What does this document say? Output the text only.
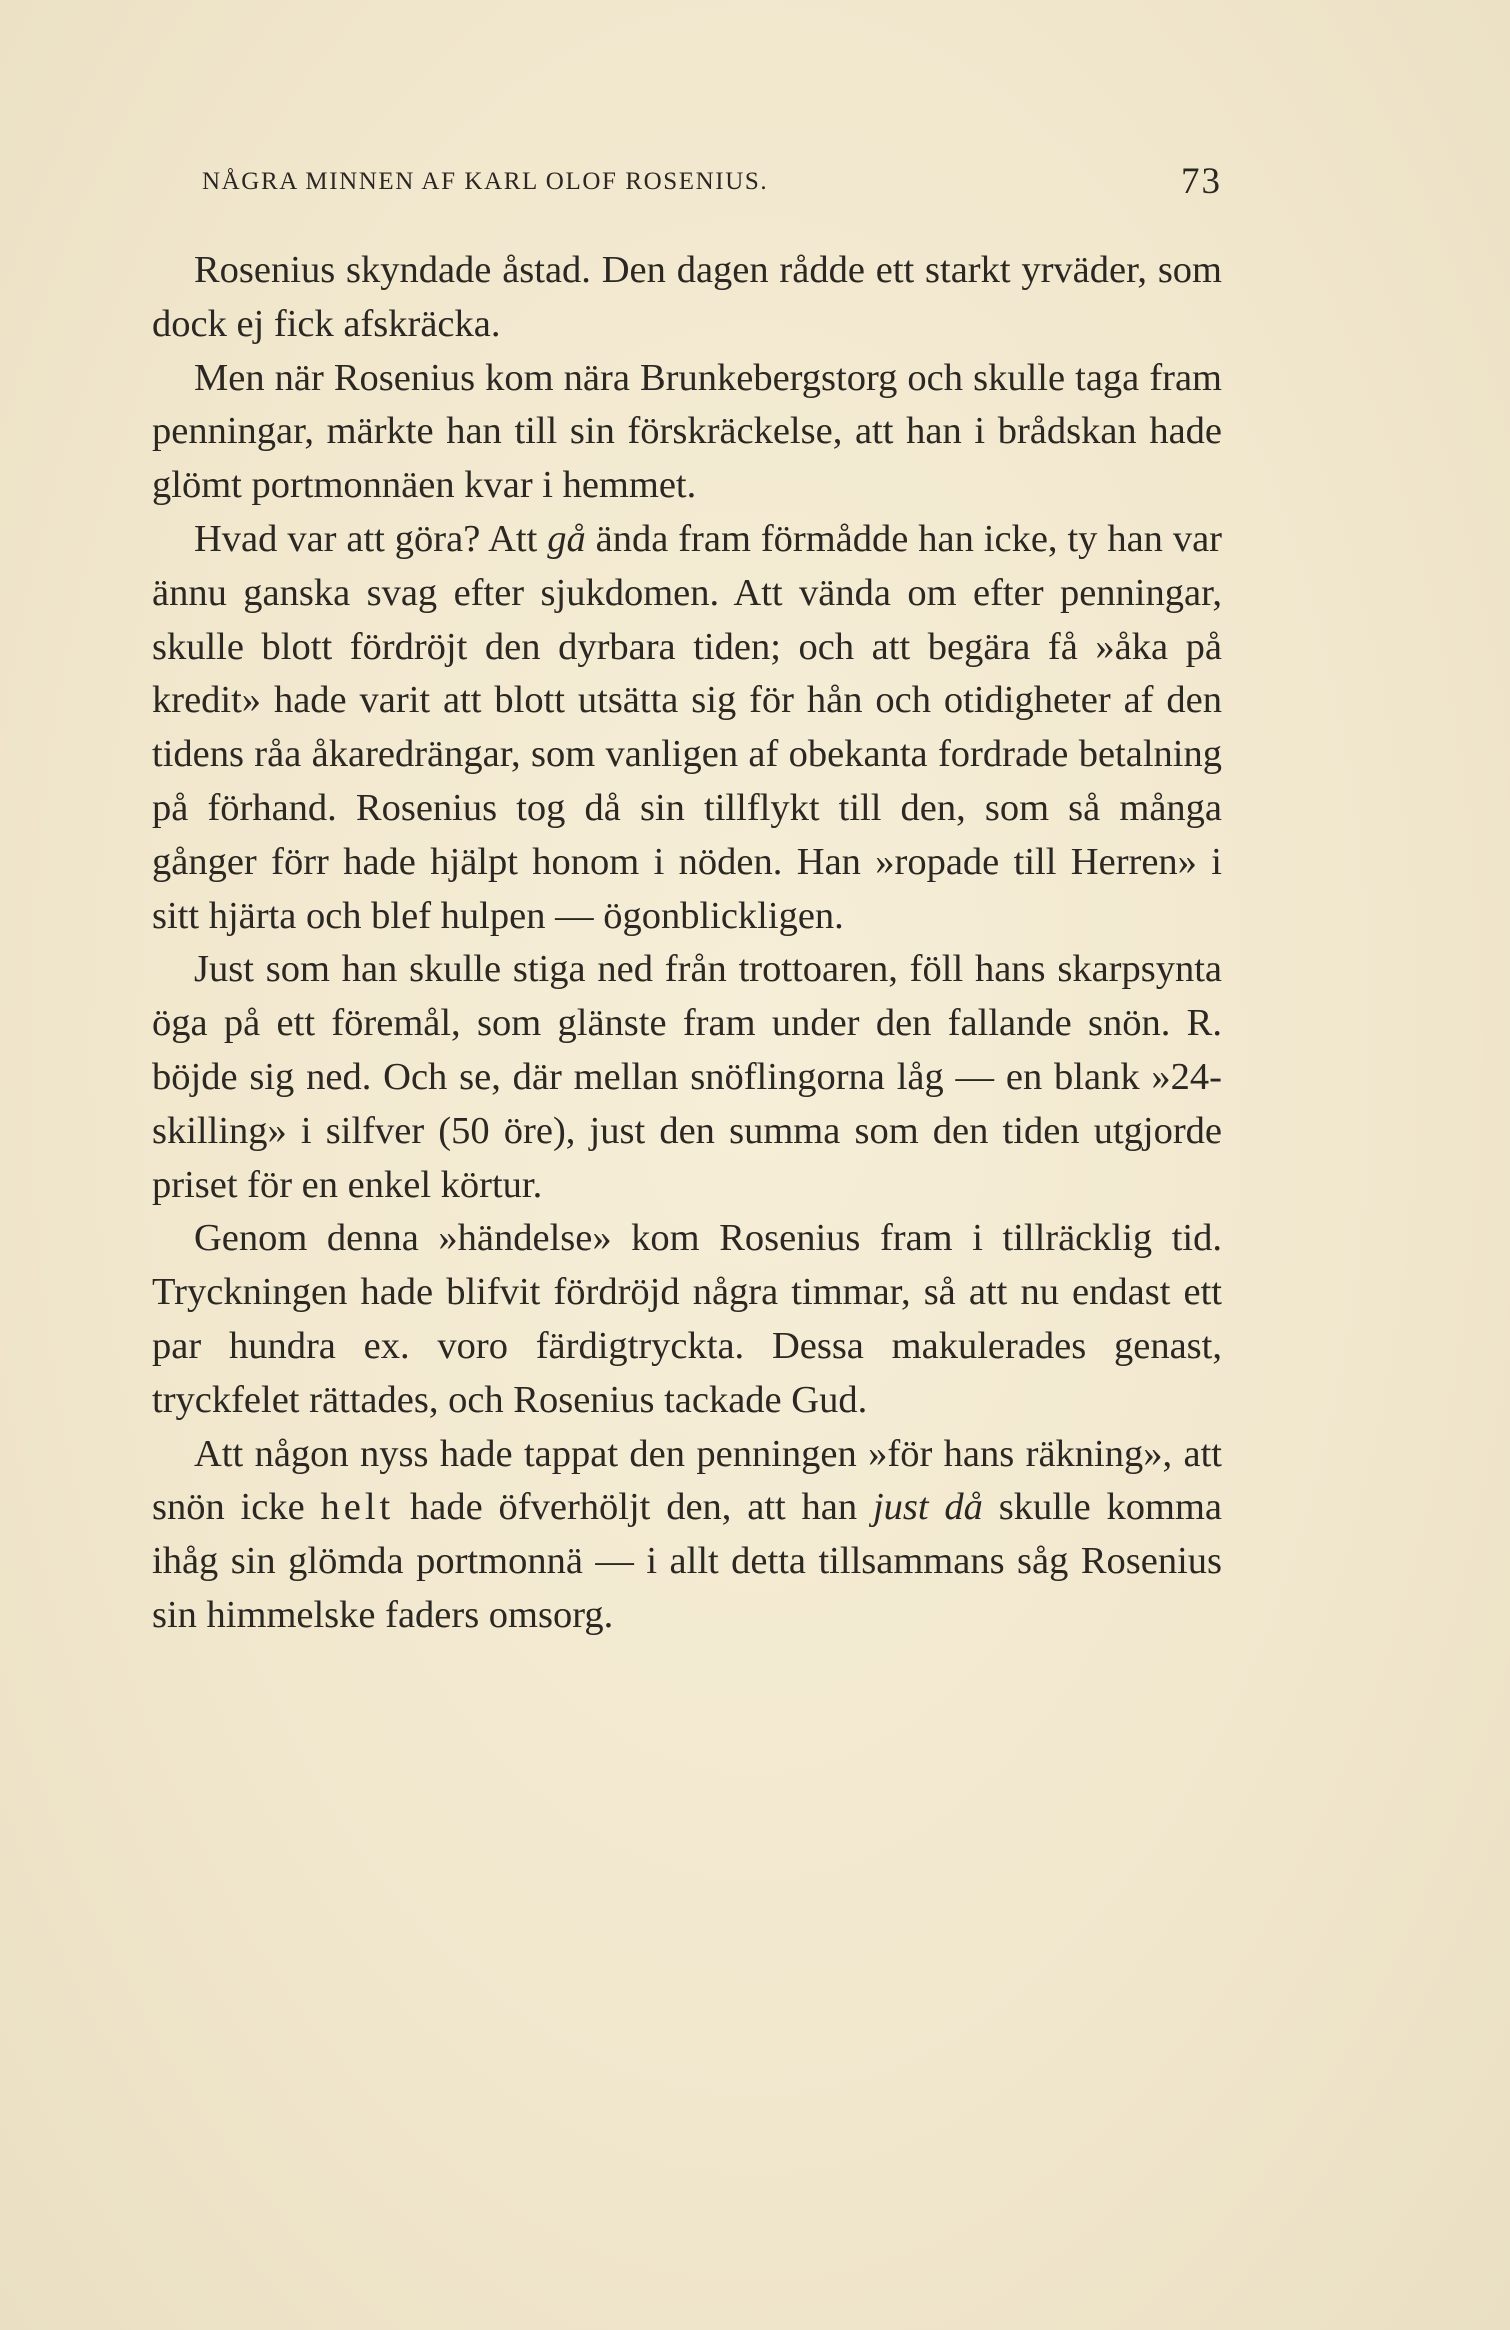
NÅGRA MINNEN AF KARL OLOF ROSENIUS.	73

Rosenius skyndade åstad. Den dagen rådde ett starkt yrväder, som dock ej fick afskräcka.

Men när Rosenius kom nära Brunkebergstorg och skulle taga fram penningar, märkte han till sin förskräckelse, att han i brådskan hade glömt portmonnäen kvar i hemmet.

Hvad var att göra? Att gå ända fram förmådde han icke, ty han var ännu ganska svag efter sjukdomen. Att vända om efter penningar, skulle blott fördröjt den dyrbara tiden; och att begära få »åka på kredit» hade varit att blott utsätta sig för hån och otidigheter af den tidens råa åkaredrängar, som vanligen af obekanta fordrade betalning på förhand. Rosenius tog då sin tillflykt till den, som så många gånger förr hade hjälpt honom i nöden. Han »ropade till Herren» i sitt hjärta och blef hulpen — ögonblickligen.

Just som han skulle stiga ned från trottoaren, föll hans skarpsynta öga på ett föremål, som glänste fram under den fallande snön. R. böjde sig ned. Och se, där mellan snöflingorna låg — en blank »24-skilling» i silfver (50 öre), just den summa som den tiden utgjorde priset för en enkel körtur.

Genom denna »händelse» kom Rosenius fram i tillräcklig tid. Tryckningen hade blifvit fördröjd några timmar, så att nu endast ett par hundra ex. voro färdigtryckta. Dessa makulerades genast, tryckfelet rättades, och Rosenius tackade Gud.

Att någon nyss hade tappat den penningen »för hans räkning», att snön icke helt hade öfverhöljt den, att han just då skulle komma ihåg sin glömda portmonnä — i allt detta tillsammans såg Rosenius sin himmelske faders omsorg.
